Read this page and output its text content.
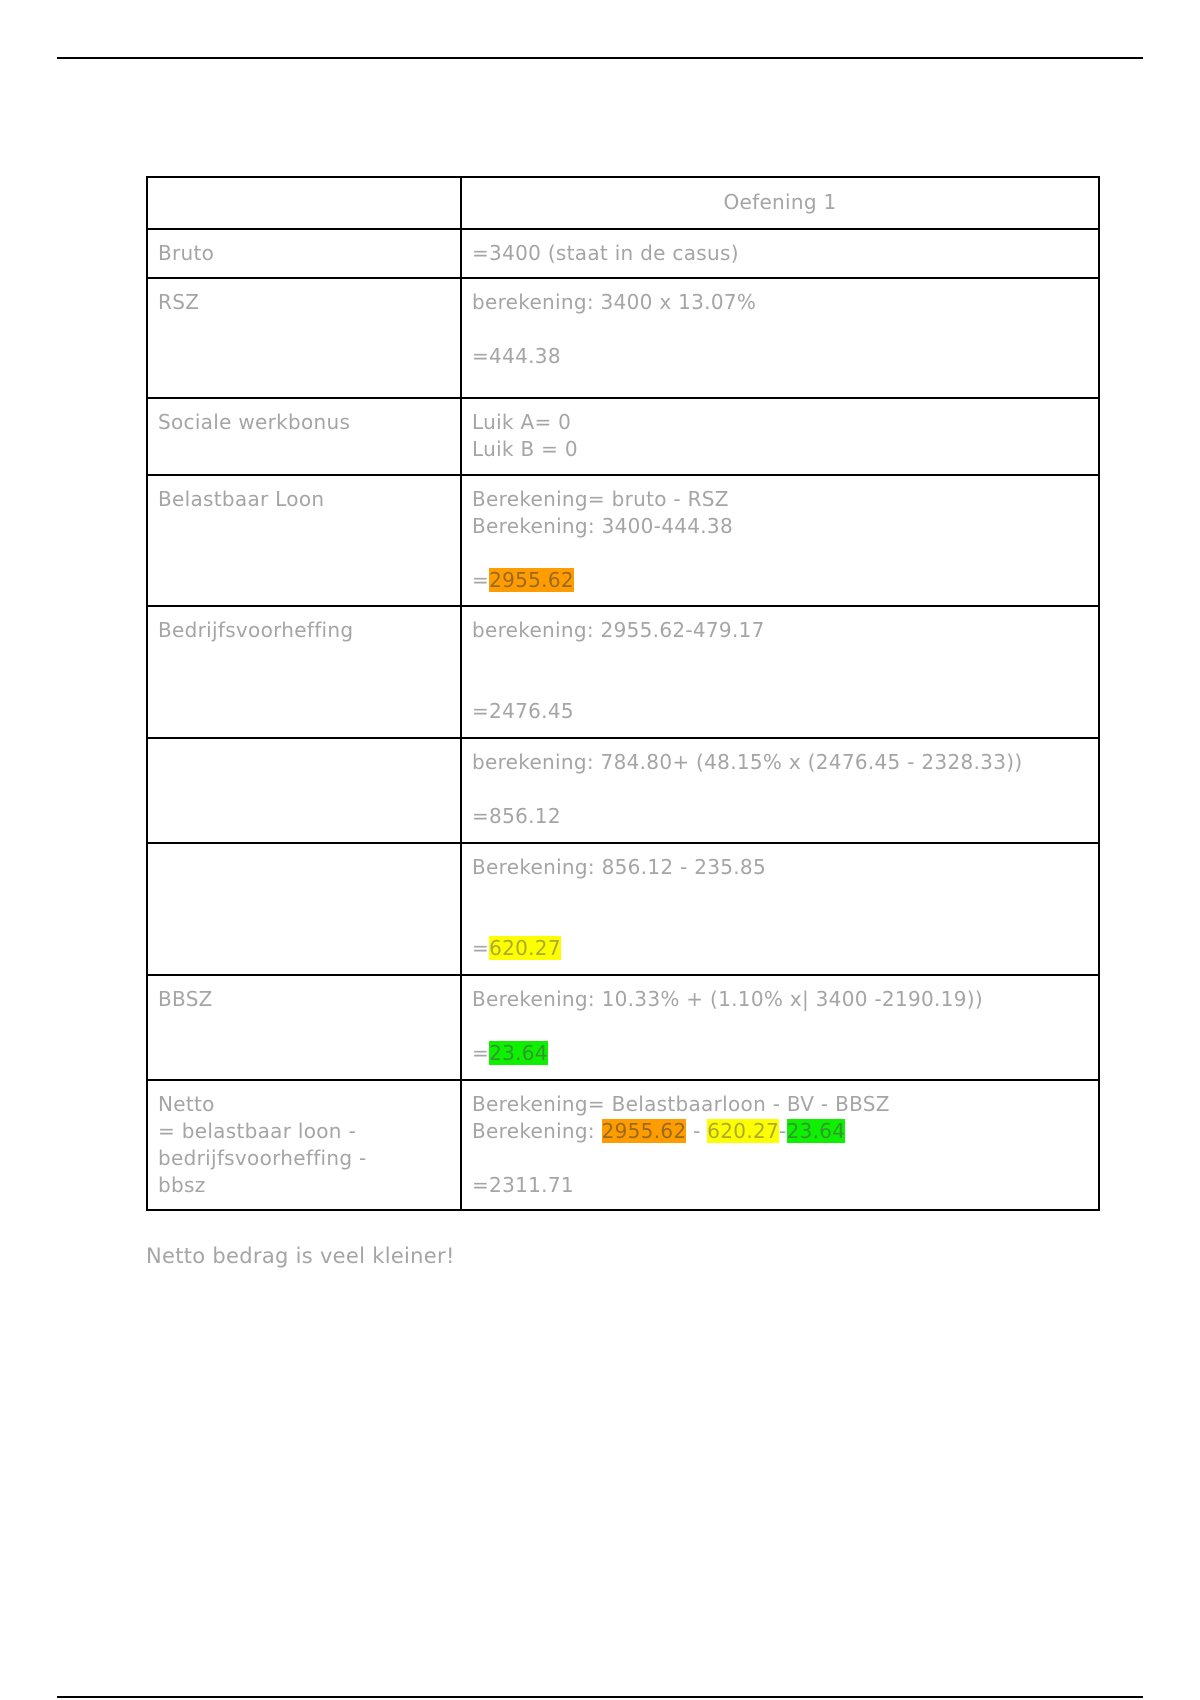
	Oefening 1
Bruto	=3400 (staat in de casus)

RSZ	berekening: 3400 x 13.07%
=444.38

Sociale werkbonus	Luik A= 0
Luik B = 0

Belastbaar Loon	Berekening= bruto - RSZ
Berekening: 3400-444.38
=2955.62

Bedrijfsvoorheffing	berekening: 2955.62-479.17
=2476.45

	berekening: 784.80+ (48.15% x (2476.45 - 2328.33))
=856.12

	Berekening: 856.12 - 235.85
=620.27

BBSZ	Berekening: 10.33% + (1.10% x| 3400 -2190.19))
=23.64

Netto
= belastbaar loon -
bedrijfsvoorheffing -
bbsz	Berekening= Belastbaarloon - BV - BBSZ
Berekening: 2955.62 - 620.27-23.64
=2311.71
Netto bedrag is veel kleiner!
